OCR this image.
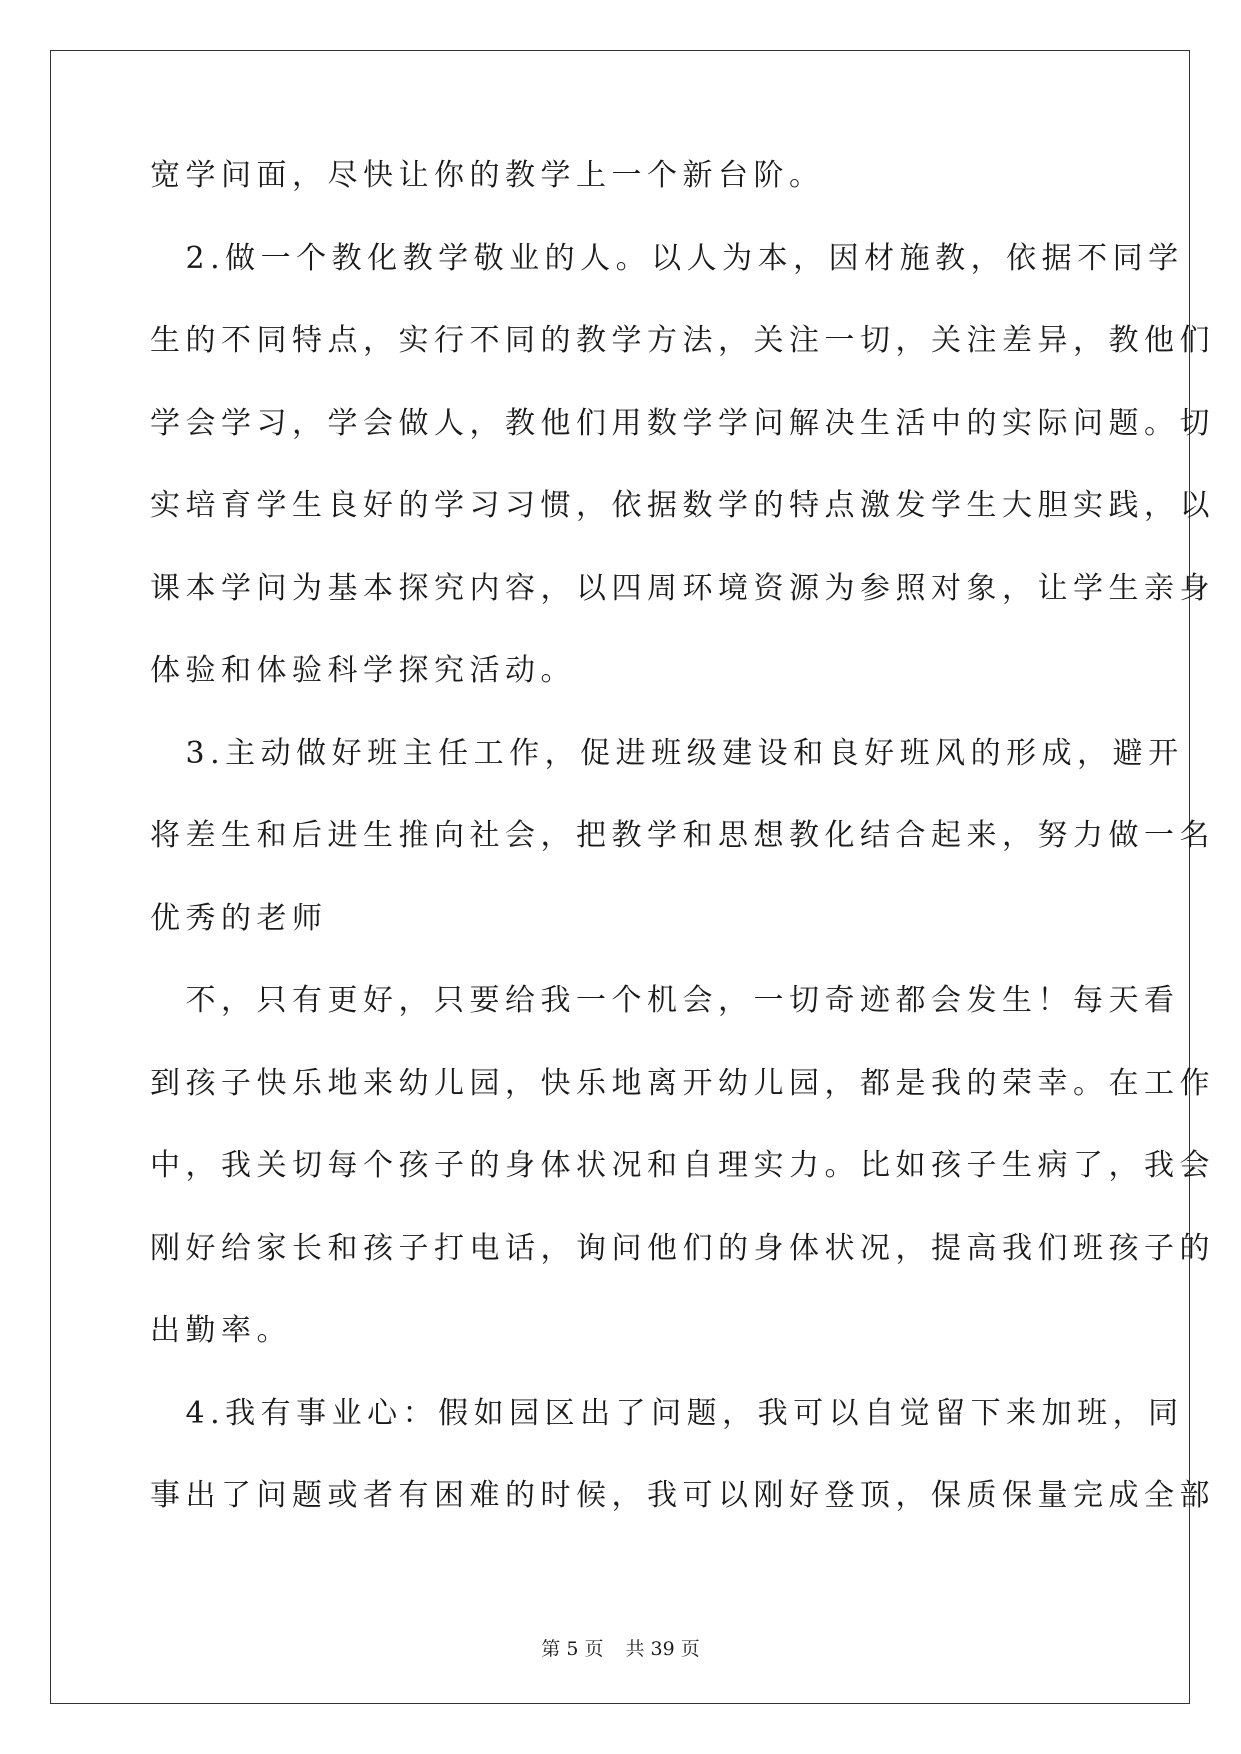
宽学问面，尽快让你的教学上一个新台阶。
　2.做一个教化教学敬业的人。以人为本，因材施教，依据不同学
生的不同特点，实行不同的教学方法，关注一切，关注差异，教他们
学会学习，学会做人，教他们用数学学问解决生活中的实际问题。切
实培育学生良好的学习习惯，依据数学的特点激发学生大胆实践，以
课本学问为基本探究内容，以四周环境资源为参照对象，让学生亲身
体验和体验科学探究活动。
　3.主动做好班主任工作，促进班级建设和良好班风的形成，避开
将差生和后进生推向社会，把教学和思想教化结合起来，努力做一名
优秀的老师
　不，只有更好，只要给我一个机会，一切奇迹都会发生！每天看
到孩子快乐地来幼儿园，快乐地离开幼儿园，都是我的荣幸。在工作
中，我关切每个孩子的身体状况和自理实力。比如孩子生病了，我会
刚好给家长和孩子打电话，询问他们的身体状况，提高我们班孩子的
出勤率。
　4.我有事业心：假如园区出了问题，我可以自觉留下来加班，同
事出了问题或者有困难的时候，我可以刚好登顶，保质保量完成全部
第 5 页 共 39 页
